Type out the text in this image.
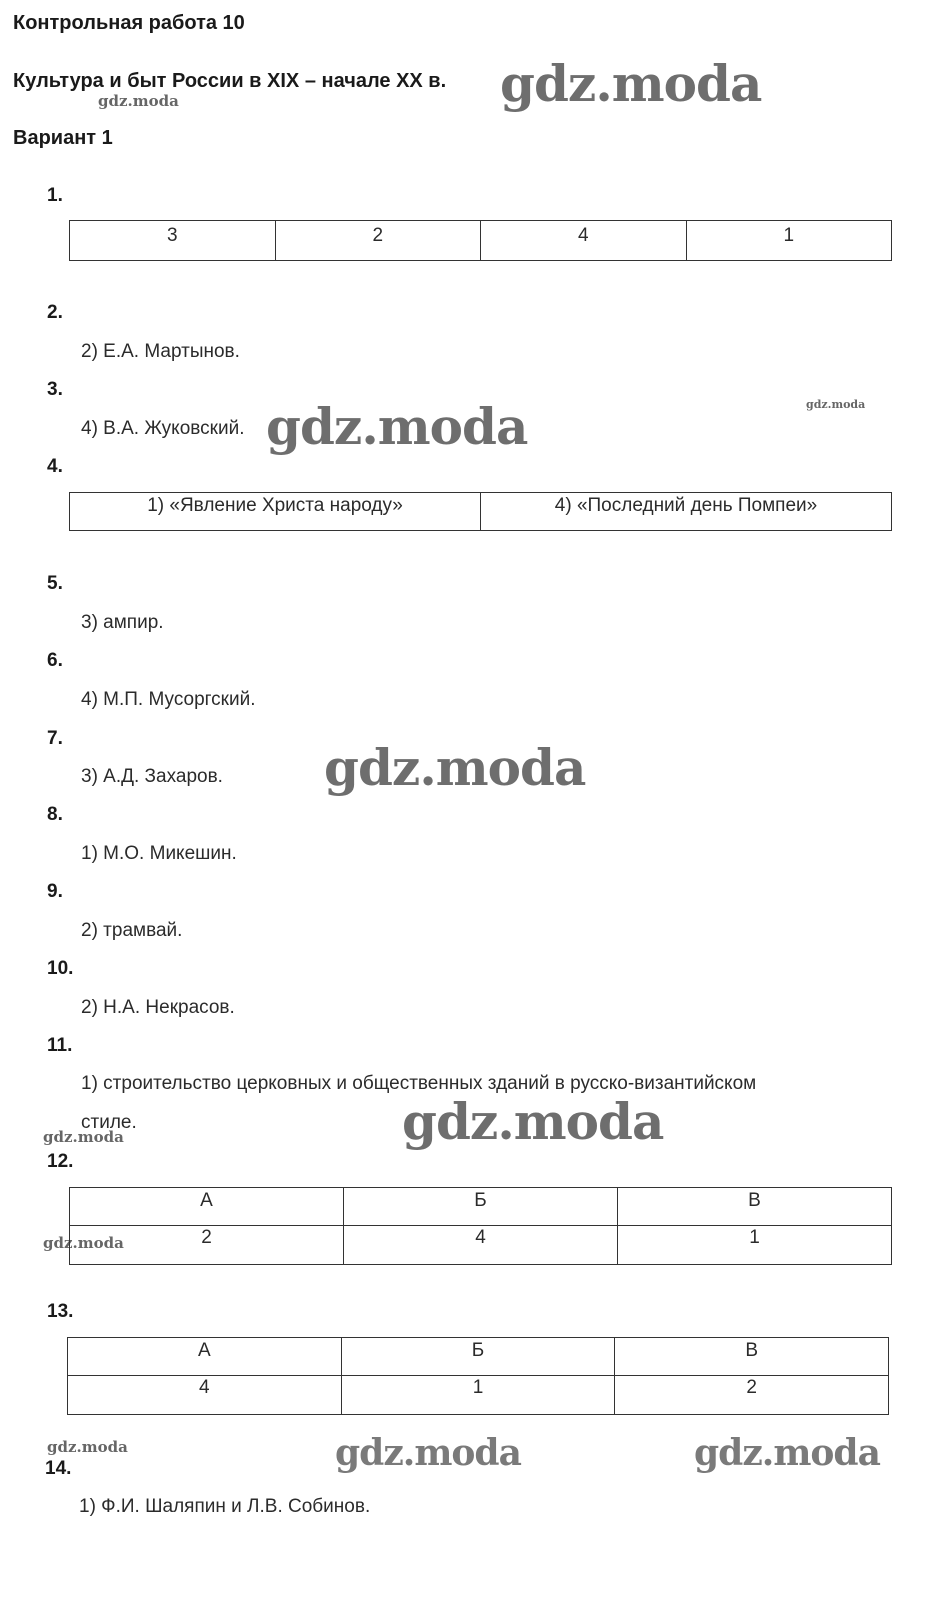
Контрольная работа 10
Культура и быт России в XIX – начале XX в.
Вариант 1
gdz.moda
gdz.moda
gdz.moda
gdz.moda
gdz.moda
gdz.moda
gdz.moda
gdz.moda
gdz.moda	gdz.moda	gdz.moda
1.
3	2	4	1
2.
2) Е.А. Мартынов.
3.
4) В.А. Жуковский.
4.
1) «Явление Христа народу»	4) «Последний день Помпеи»
5.
3) ампир.
6.
4) М.П. Мусоргский.
7.
3) А.Д. Захаров.
8.
1) М.О. Микешин.
9.
2) трамвай.
10.
2) Н.А. Некрасов.
11.
1) строительство церковных и общественных зданий в русско-византийском
стиле.
12.
А	Б	В
2	4	1
13.
А	Б	В
4	1	2
14.
1) Ф.И. Шаляпин и Л.В. Собинов.
